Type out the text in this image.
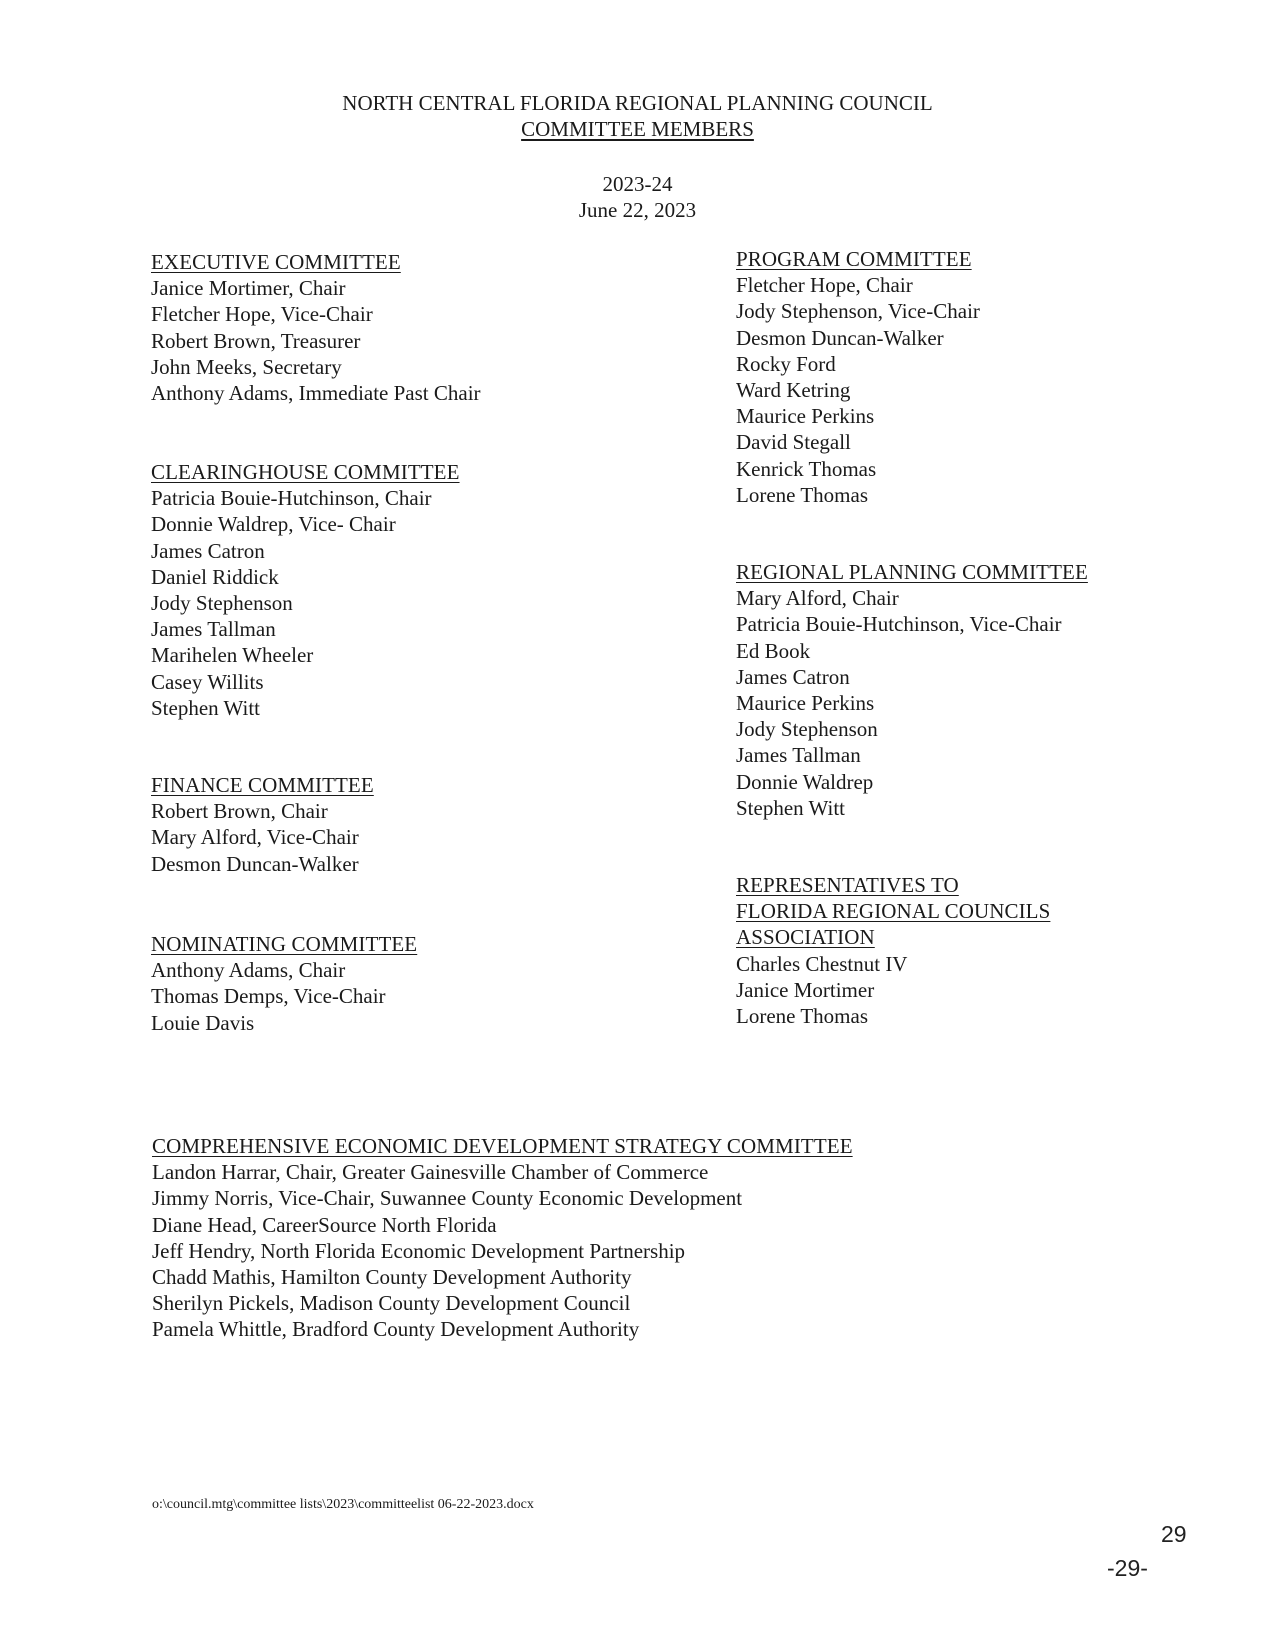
NORTH CENTRAL FLORIDA REGIONAL PLANNING COUNCIL
COMMITTEE MEMBERS
2023-24
June 22, 2023
EXECUTIVE COMMITTEE
Janice Mortimer, Chair
Fletcher Hope, Vice-Chair
Robert Brown, Treasurer
John Meeks, Secretary
Anthony Adams, Immediate Past Chair
CLEARINGHOUSE COMMITTEE
Patricia Bouie-Hutchinson, Chair
Donnie Waldrep, Vice- Chair
James Catron
Daniel Riddick
Jody Stephenson
James Tallman
Marihelen Wheeler
Casey Willits
Stephen Witt
FINANCE COMMITTEE
Robert Brown, Chair
Mary Alford, Vice-Chair
Desmon Duncan-Walker
NOMINATING COMMITTEE
Anthony Adams, Chair
Thomas Demps, Vice-Chair
Louie Davis
PROGRAM COMMITTEE
Fletcher Hope, Chair
Jody Stephenson, Vice-Chair
Desmon Duncan-Walker
Rocky Ford
Ward Ketring
Maurice Perkins
David Stegall
Kenrick Thomas
Lorene Thomas
REGIONAL PLANNING COMMITTEE
Mary Alford, Chair
Patricia Bouie-Hutchinson, Vice-Chair
Ed Book
James Catron
Maurice Perkins
Jody Stephenson
James Tallman
Donnie Waldrep
Stephen Witt
REPRESENTATIVES TO
FLORIDA REGIONAL COUNCILS
ASSOCIATION
Charles Chestnut IV
Janice Mortimer
Lorene Thomas
COMPREHENSIVE ECONOMIC DEVELOPMENT STRATEGY COMMITTEE
Landon Harrar, Chair, Greater Gainesville Chamber of Commerce
Jimmy Norris, Vice-Chair, Suwannee County Economic Development
Diane Head, CareerSource North Florida
Jeff Hendry, North Florida Economic Development Partnership
Chadd Mathis, Hamilton County Development Authority
Sherilyn Pickels, Madison County Development Council
Pamela Whittle, Bradford County Development Authority
o:\council.mtg\committee lists\2023\committeelist 06-22-2023.docx
29
-29-
